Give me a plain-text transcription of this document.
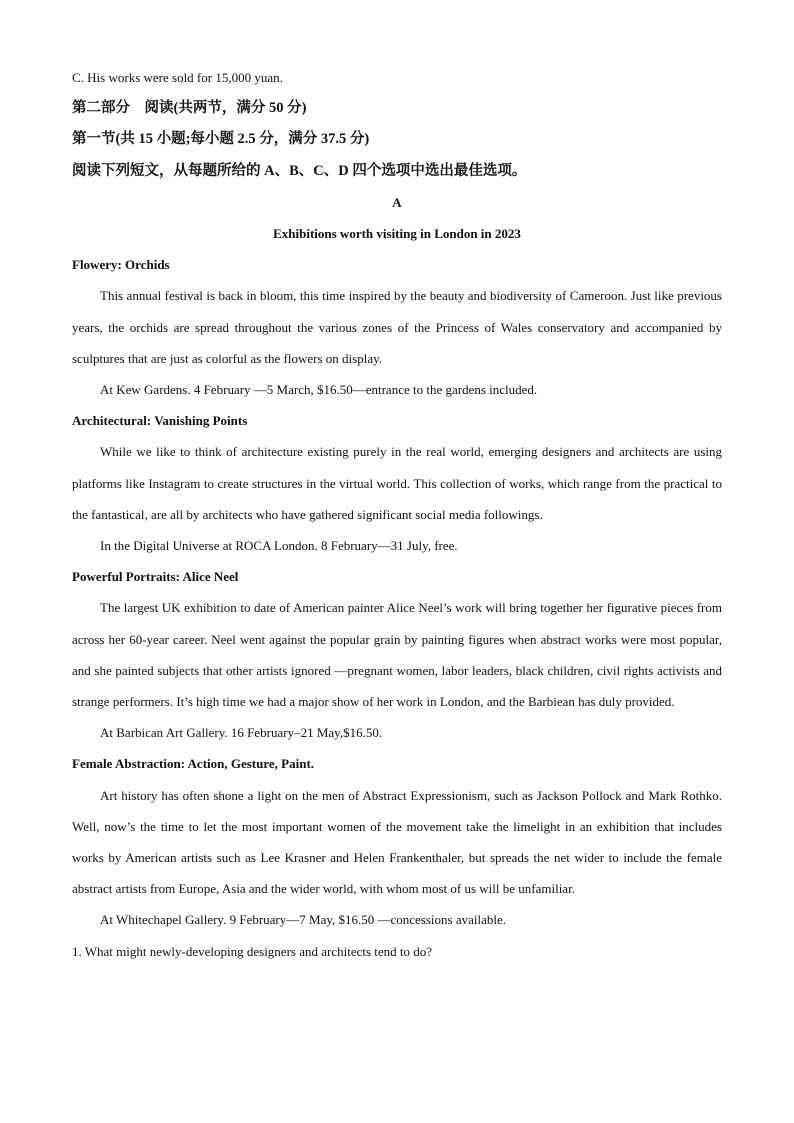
C. His works were sold for 15,000 yuan.

第二部分　阅读(共两节，满分 50 分)

第一节(共 15 小题;每小题 2.5 分，满分 37.5 分)

阅读下列短文，从每题所给的 A、B、C、D 四个选项中选出最佳选项。

A

Exhibitions worth visiting in London in 2023

Flowery: Orchids

This annual festival is back in bloom, this time inspired by the beauty and biodiversity of Cameroon. Just like previous years, the orchids are spread throughout the various zones of the Princess of Wales conservatory and accompanied by sculptures that are just as colorful as the flowers on display.

At Kew Gardens. 4 February —5 March, $16.50—entrance to the gardens included.

Architectural: Vanishing Points

While we like to think of architecture existing purely in the real world, emerging designers and architects are using platforms like Instagram to create structures in the virtual world. This collection of works, which range from the practical to the fantastical, are all by architects who have gathered significant social media followings.

In the Digital Universe at ROCA London. 8 February—31 July, free.

Powerful Portraits: Alice Neel

The largest UK exhibition to date of American painter Alice Neel’s work will bring together her figurative pieces from across her 60-year career. Neel went against the popular grain by painting figures when abstract works were most popular, and she painted subjects that other artists ignored —pregnant women, labor leaders, black children, civil rights activists and strange performers. It’s high time we had a major show of her work in London, and the Barbiean has duly provided.

At Barbican Art Gallery. 16 February–21 May,$16.50.

Female Abstraction: Action, Gesture, Paint.

Art history has often shone a light on the men of Abstract Expressionism, such as Jackson Pollock and Mark Rothko. Well, now’s the time to let the most important women of the movement take the limelight in an exhibition that includes works by American artists such as Lee Krasner and Helen Frankenthaler, but spreads the net wider to include the female abstract artists from Europe, Asia and the wider world, with whom most of us will be unfamiliar.

At Whitechapel Gallery. 9 February—7 May, $16.50 —concessions available.

1. What might newly-developing designers and architects tend to do?
